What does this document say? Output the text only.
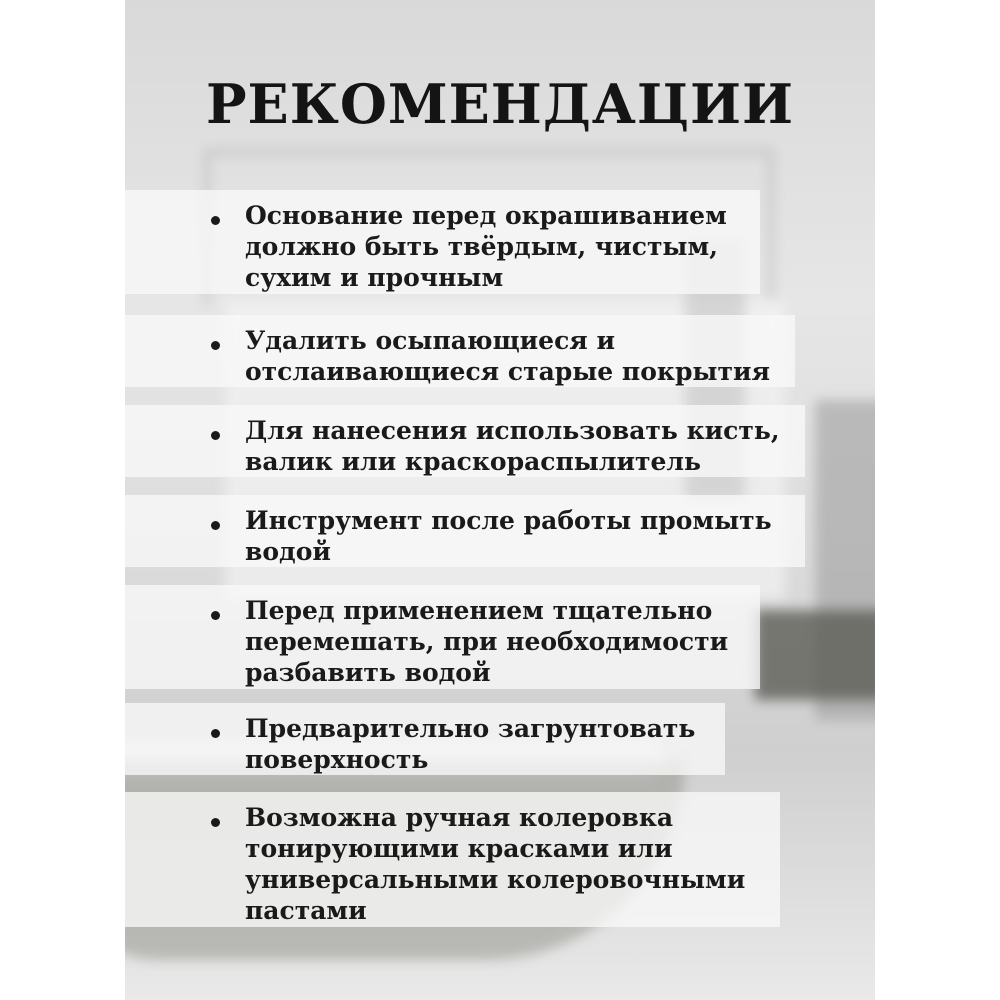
РЕКОМЕНДАЦИИ
Основание перед окрашиванием
должно быть твёрдым, чистым,
сухим и прочным
Удалить осыпающиеся и
отслаивающиеся старые покрытия
Для нанесения использовать кисть,
валик или краскораспылитель
Инструмент после работы промыть
водой
Перед применением тщательно
перемешать, при необходимости
разбавить водой
Предварительно загрунтовать
поверхность
Возможна ручная колеровка
тонирующими красками или
универсальными колеровочными
пастами
